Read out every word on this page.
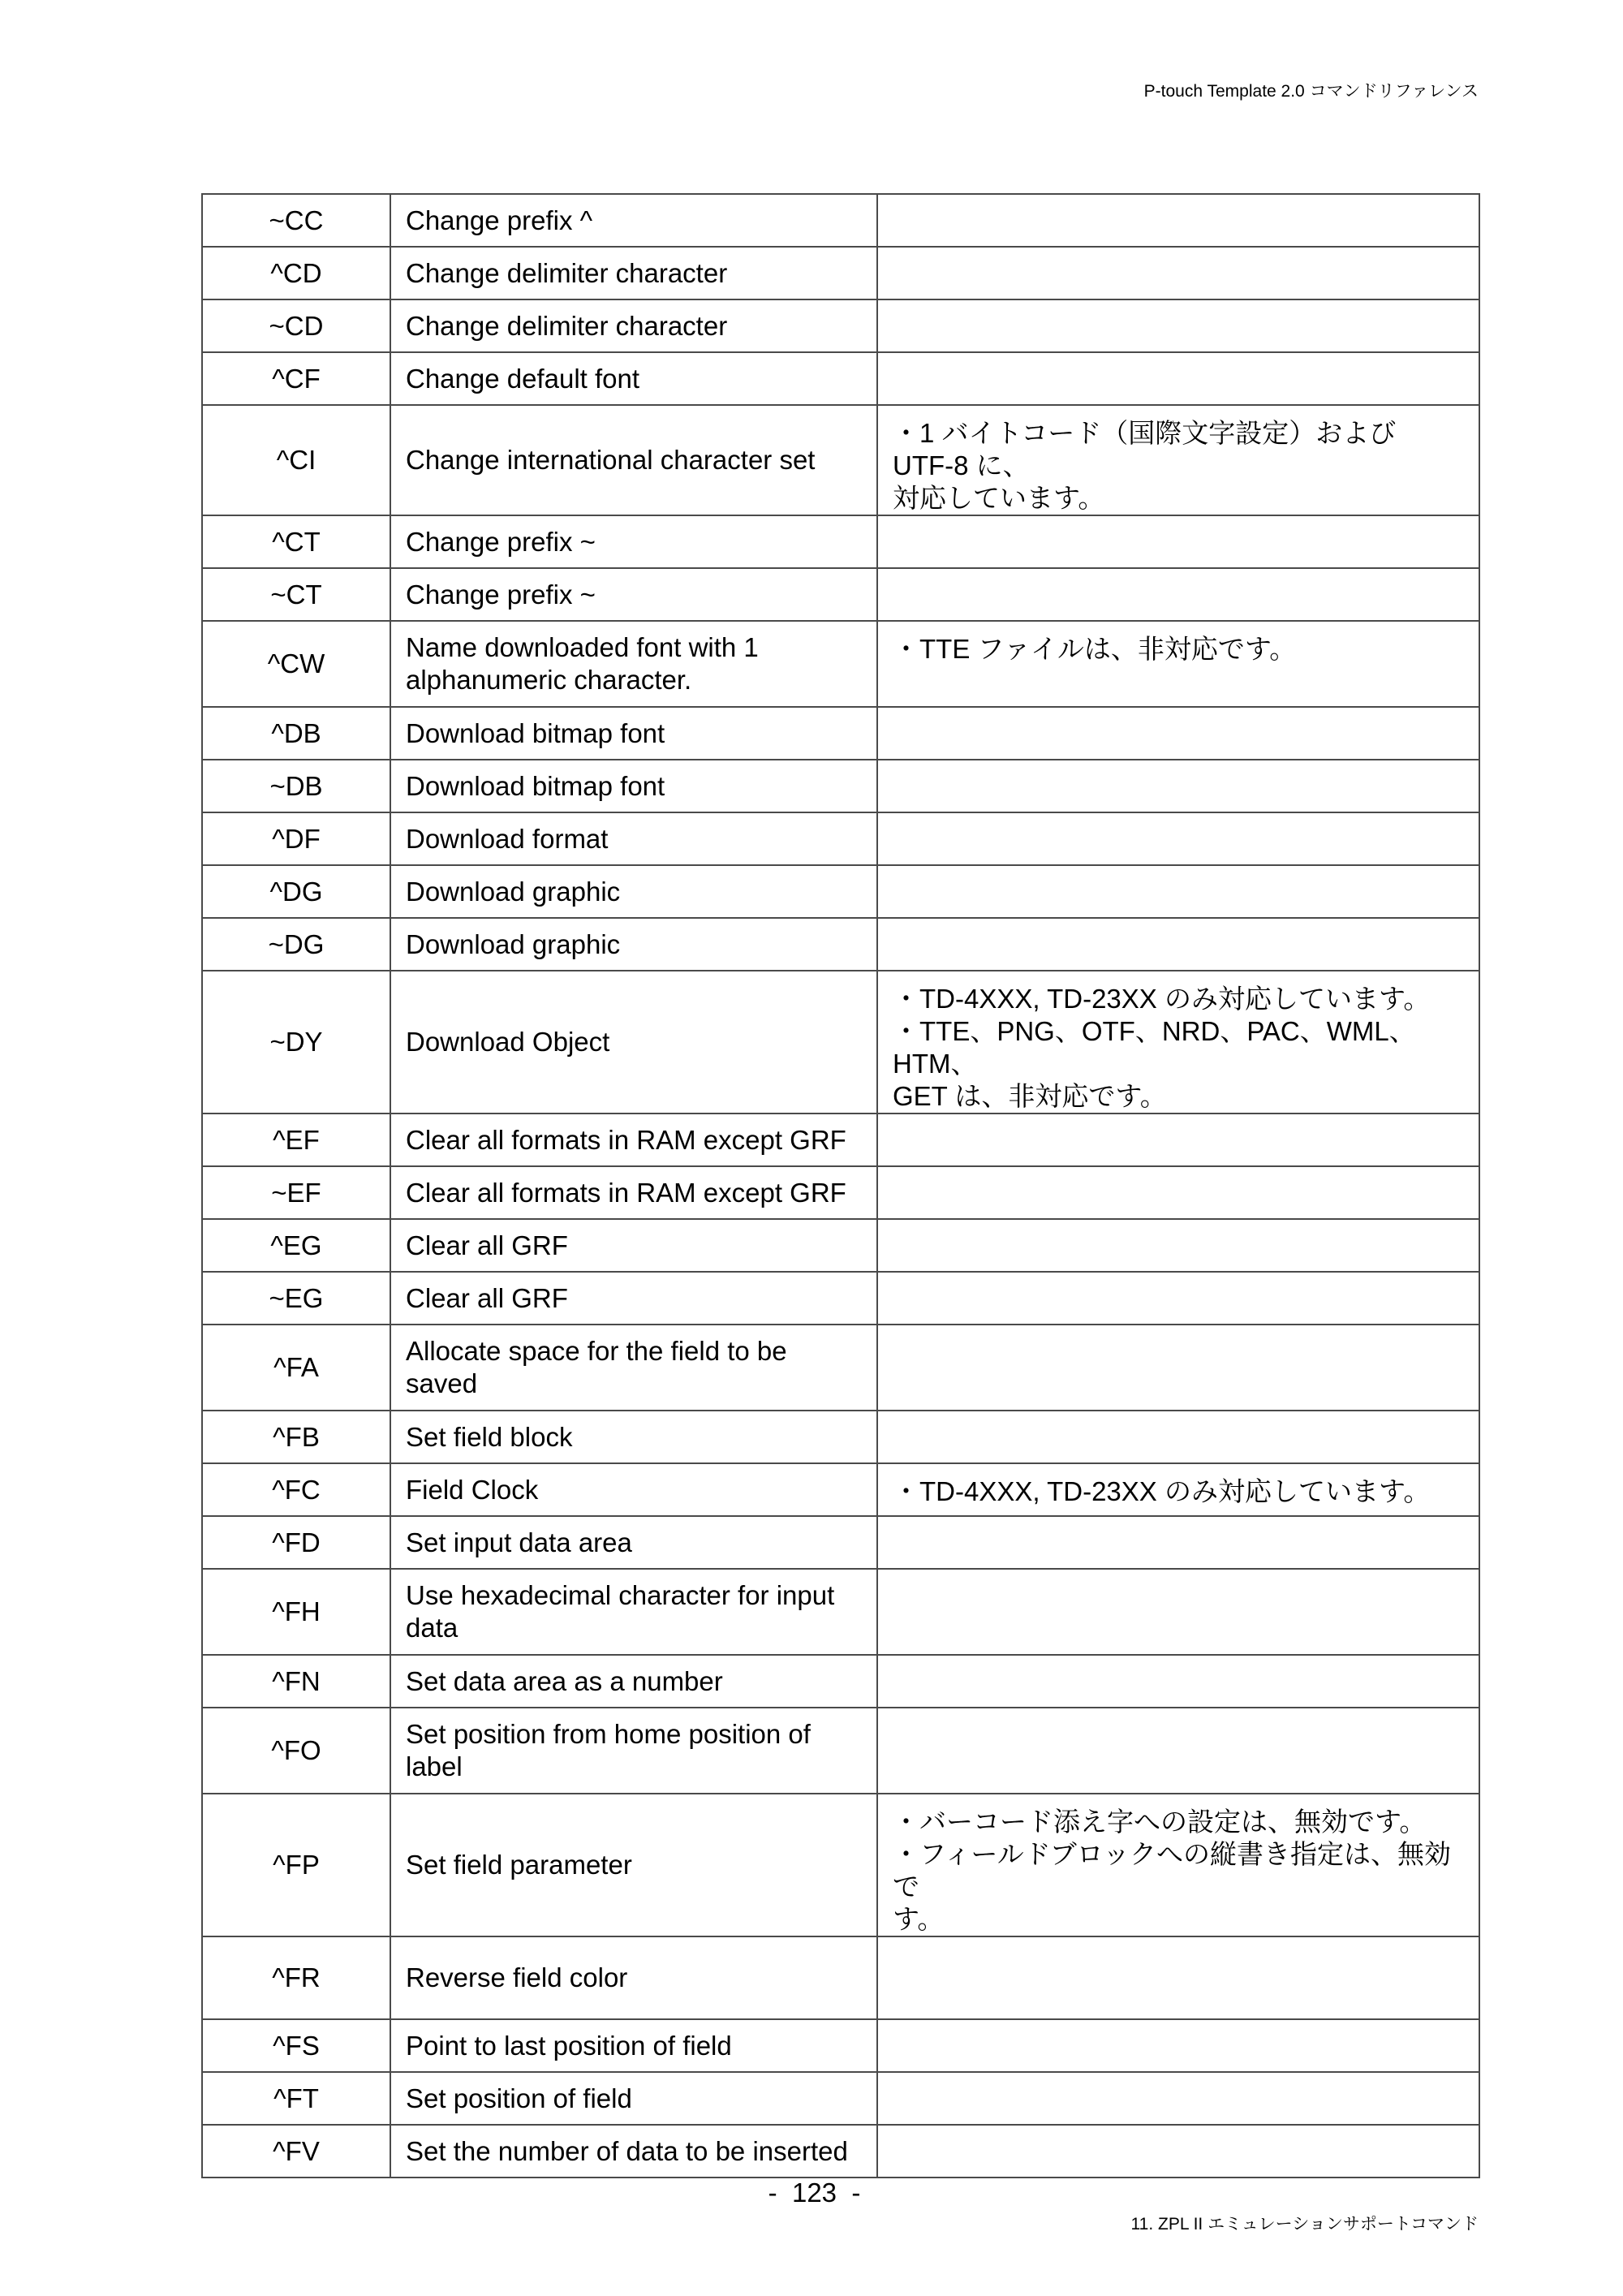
P-touch Template 2.0 コマンドリファレンス
~CC	Change prefix ^	
^CD	Change delimiter character	
~CD	Change delimiter character	
^CF	Change default font	
^CI	Change international character set	・1 バイトコード（国際文字設定）および UTF-8 に、
対応しています。
^CT	Change prefix ~	
~CT	Change prefix ~	
^CW	Name downloaded font with 1 alphanumeric character.	・TTE ファイルは、非対応です。
^DB	Download bitmap font	
~DB	Download bitmap font	
^DF	Download format	
^DG	Download graphic	
~DG	Download graphic	
~DY	Download Object	・TD-4XXX, TD-23XX のみ対応しています。
・TTE、PNG、OTF、NRD、PAC、WML、HTM、
GET は、非対応です。
^EF	Clear all formats in RAM except GRF	
~EF	Clear all formats in RAM except GRF	
^EG	Clear all GRF	
~EG	Clear all GRF	
^FA	Allocate space for the field to be saved	
^FB	Set field block	
^FC	Field Clock	・TD-4XXX, TD-23XX のみ対応しています。
^FD	Set input data area	
^FH	Use hexadecimal character for input data	
^FN	Set data area as a number	
^FO	Set position from home position of label	
^FP	Set field parameter	・バーコード添え字への設定は、無効です。
・フィールドブロックへの縦書き指定は、無効で
す。
^FR	Reverse field color	
^FS	Point to last position of field	
^FT	Set position of field	
^FV	Set the number of data to be inserted	
-  123  -
11. ZPL II エミュレーションサポートコマンド
